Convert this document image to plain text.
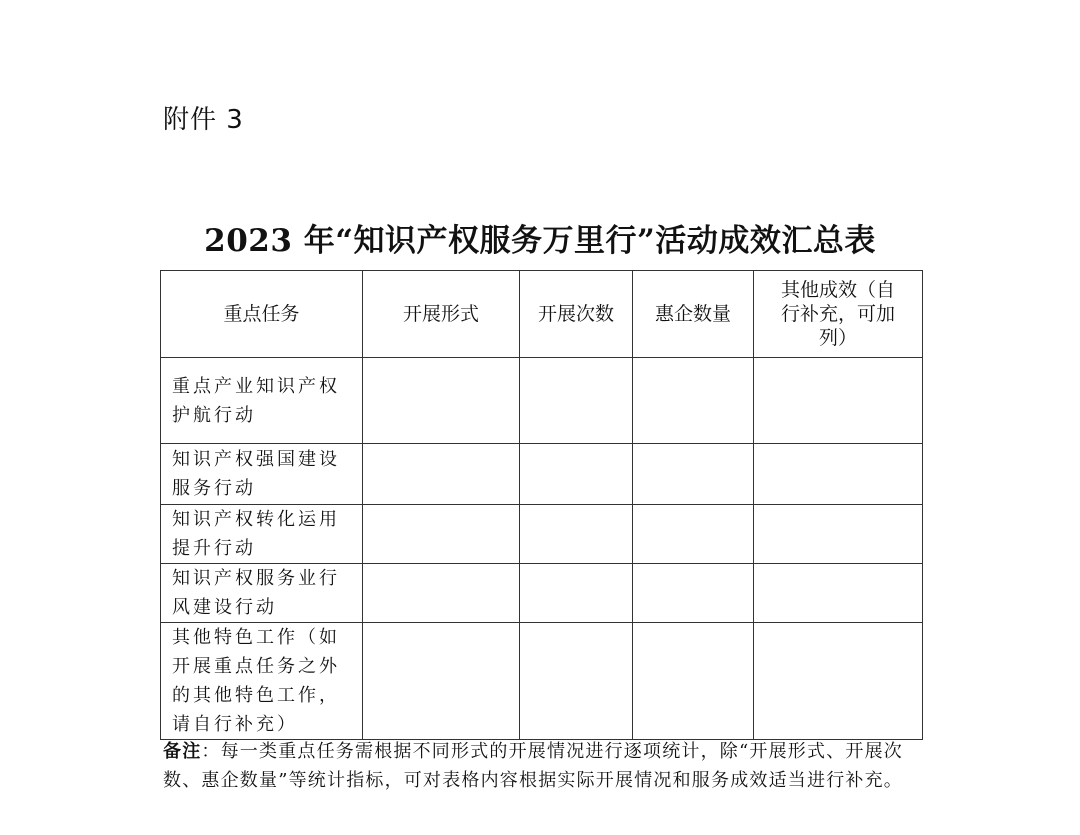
附件 3
2023 年“知识产权服务万里行”活动成效汇总表
重点任务	开展形式	开展次数	惠企数量	其他成效（自行补充，可加列）

重点产业知识产权护航行动				
知识产权强国建设服务行动				
知识产权转化运用提升行动				
知识产权服务业行风建设行动				
其他特色工作（如开展重点任务之外的其他特色工作，请自行补充）				
备注：每一类重点任务需根据不同形式的开展情况进行逐项统计，除“开展形式、开展次数、惠企数量”等统计指标，可对表格内容根据实际开展情况和服务成效适当进行补充。
